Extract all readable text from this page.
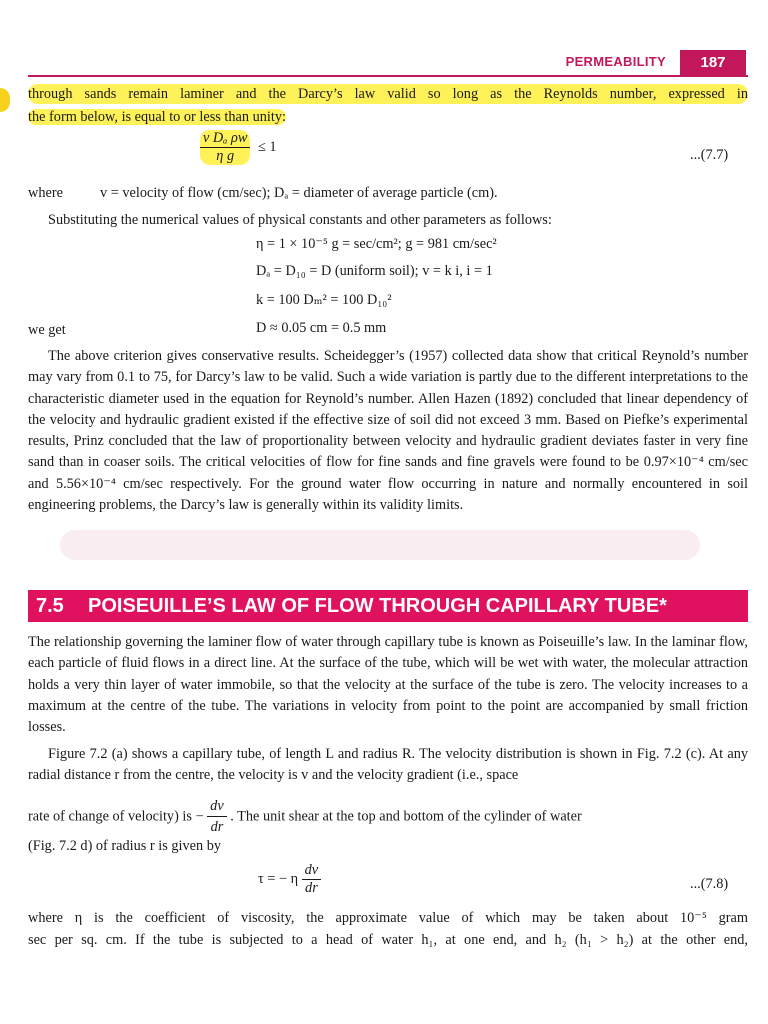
PERMEABILITY	187
through sands remain laminer and the Darcy’s law valid so long as the Reynolds number, expressed in
the form below, is equal to or less than unity:
$\frac{\text{v Dₐ ρw}}{\text{η g}} \le 1$	...(7.7)
where	v = velocity of flow (cm/sec); Dₐ = diameter of average particle (cm).
Substituting the numerical values of physical constants and other parameters as follows:
η = 1 × 10⁻⁵ g = sec/cm²; g = 981 cm/sec²
Dₐ = D₁₀ = D (uniform soil); v = k i, i = 1
k = 100 Dₘ² = 100 D₁₀²
we get	D ≈ 0.05 cm = 0.5 mm

The above criterion gives conservative results. Scheidegger’s (1957) collected data show that critical Reynold’s number may vary from 0.1 to 75, for Darcy’s law to be valid. Such a wide variation is partly due to the different interpretations to the characteristic diameter used in the equation for Reynold’s number. Allen Hazen (1892) concluded that linear dependency of the velocity and hydraulic gradient existed if the effective size of soil did not exceed 3 mm. Based on Piefke’s experimental results, Prinz concluded that the law of proportionality between velocity and hydraulic gradient deviates faster in very fine sand than in coaser soils. The critical velocities of flow for fine sands and fine gravels were found to be 0.97×10⁻⁴ cm/sec and 5.56×10⁻⁴ cm/sec respectively. For the ground water flow occurring in nature and normally encountered in soil engineering problems, the Darcy’s law is generally within its validity limits.

7.5 POISEUILLE’S LAW OF FLOW THROUGH CAPILLARY TUBE*

The relationship governing the laminer flow of water through capillary tube is known as Poiseuille’s law. In the laminar flow, each particle of fluid flows in a direct line. At the surface of the tube, which will be wet with water, the molecular attraction holds a very thin layer of water immobile, so that the velocity at the surface of the tube is zero. The velocity increases to a maximum at the centre of the tube. The variations in velocity from point to the point are accompanied by small friction losses.

Figure 7.2 (a) shows a capillary tube, of length L and radius R. The velocity distribution is shown in Fig. 7.2 (c). At any radial distance r from the centre, the velocity is v and the velocity gradient (i.e., space

rate of change of velocity) is − $\frac{dv}{dr}$ . The unit shear at the top and bottom of the cylinder of water
(Fig. 7.2 d) of radius r is given by
τ = − η $\frac{dv}{dr}$	...(7.8)
where η is the coefficient of viscosity, the approximate value of which may be taken about 10⁻⁵ gram
sec per sq. cm. If the tube is subjected to a head of water h₁, at one end, and h₂ (h₁ > h₂) at the other end,
